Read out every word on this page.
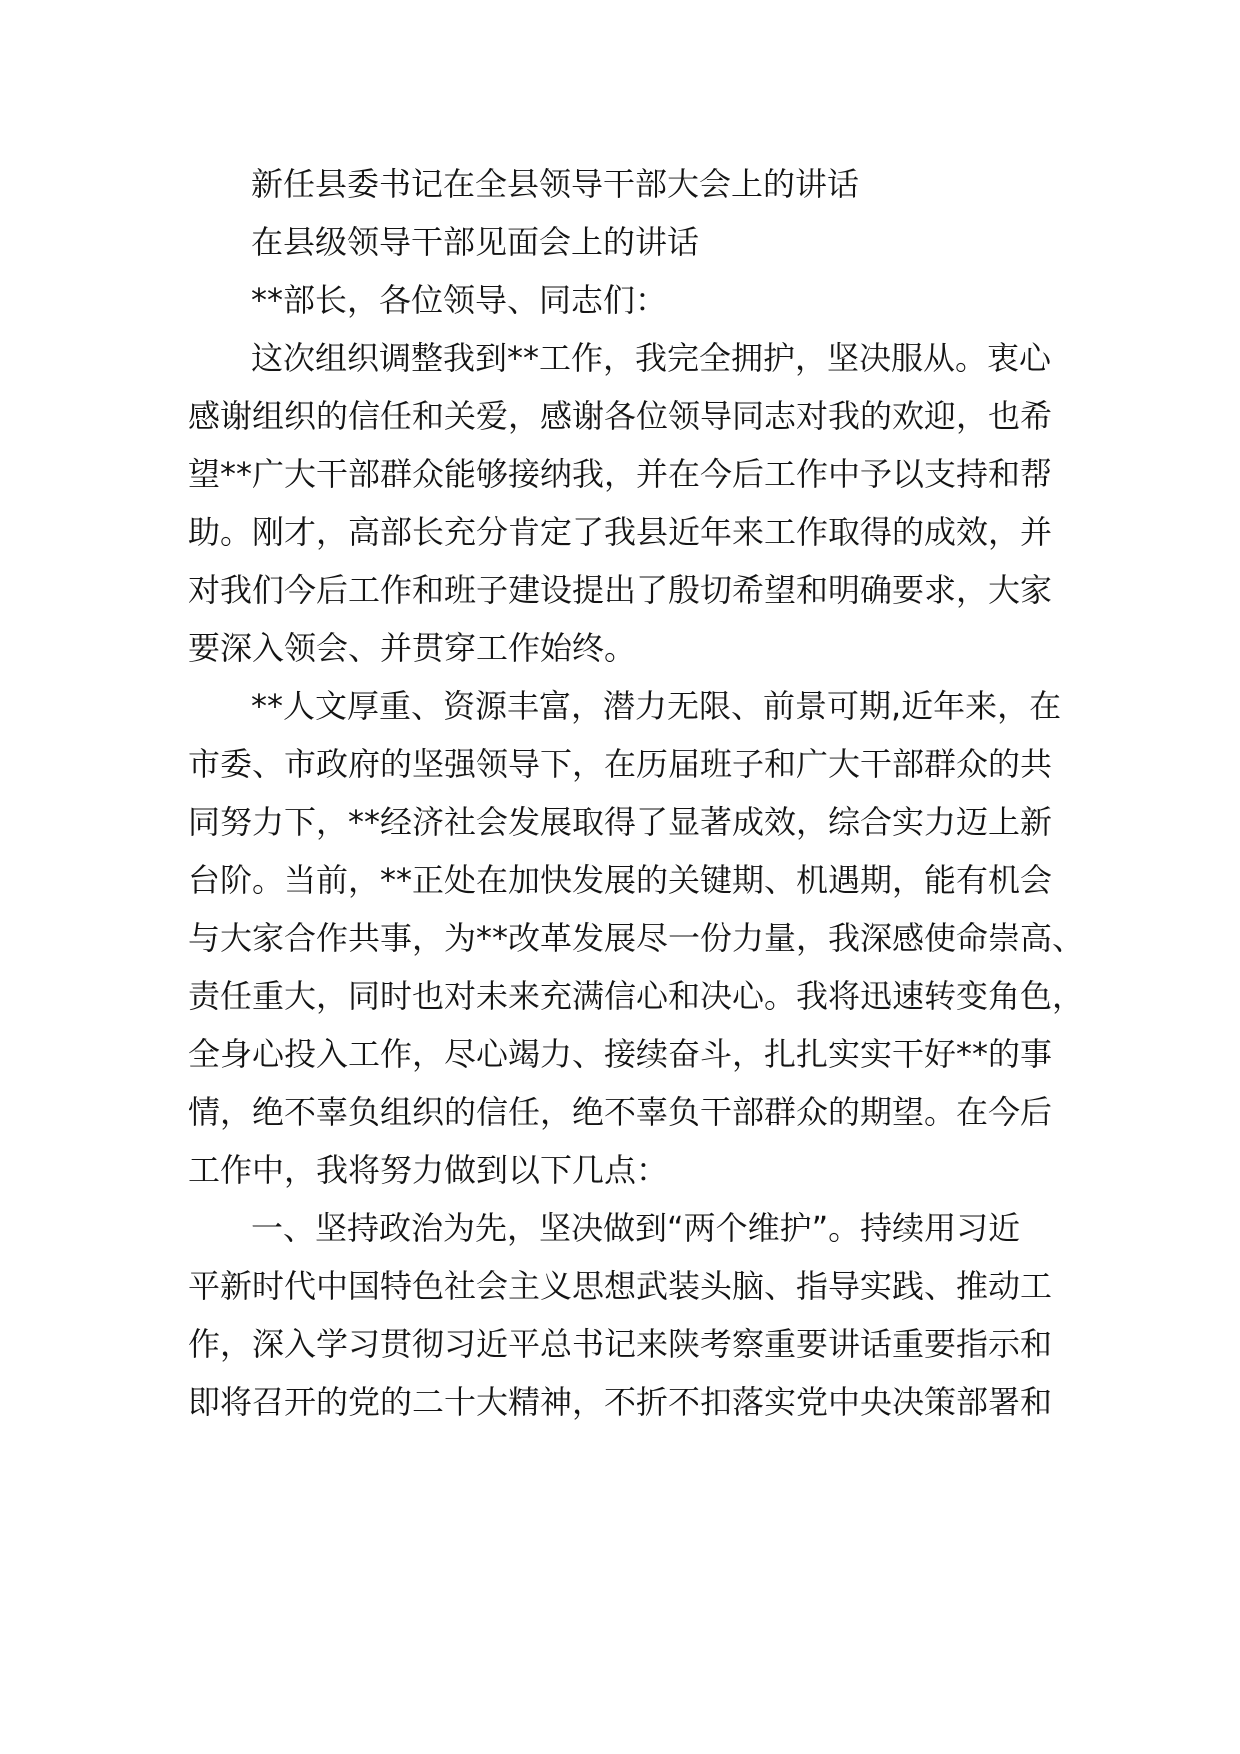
新任县委书记在全县领导干部大会上的讲话
在县级领导干部见面会上的讲话
**部长，各位领导、同志们：
这次组织调整我到**工作，我完全拥护，坚决服从。衷心
感谢组织的信任和关爱，感谢各位领导同志对我的欢迎，也希
望**广大干部群众能够接纳我，并在今后工作中予以支持和帮
助。刚才，高部长充分肯定了我县近年来工作取得的成效，并
对我们今后工作和班子建设提出了殷切希望和明确要求，大家
要深入领会、并贯穿工作始终。
**人文厚重、资源丰富，潜力无限、前景可期,近年来，在
市委、市政府的坚强领导下，在历届班子和广大干部群众的共
同努力下，**经济社会发展取得了显著成效，综合实力迈上新
台阶。当前，**正处在加快发展的关键期、机遇期，能有机会
与大家合作共事，为**改革发展尽一份力量，我深感使命崇高、
责任重大，同时也对未来充满信心和决心。我将迅速转变角色，
全身心投入工作，尽心竭力、接续奋斗，扎扎实实干好**的事
情，绝不辜负组织的信任，绝不辜负干部群众的期望。在今后
工作中，我将努力做到以下几点：
一、坚持政治为先，坚决做到“两个维护”。持续用习近
平新时代中国特色社会主义思想武装头脑、指导实践、推动工
作，深入学习贯彻习近平总书记来陕考察重要讲话重要指示和
即将召开的党的二十大精神，不折不扣落实党中央决策部署和
